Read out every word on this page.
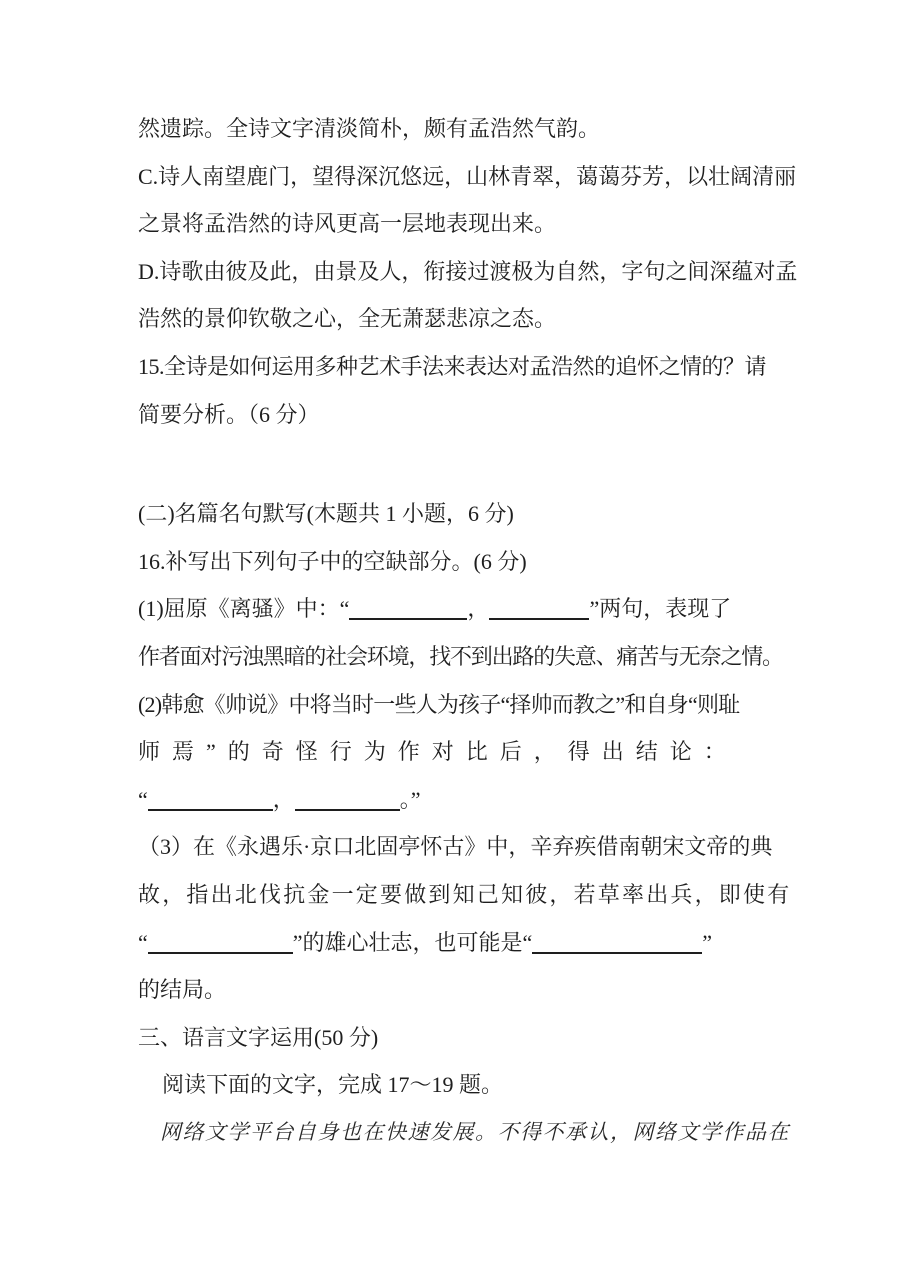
然遗踪。全诗文字清淡简朴，颇有孟浩然气韵。
C.诗人南望鹿门，望得深沉悠远，山林青翠，蔼蔼芬芳，以壮阔清丽
之景将孟浩然的诗风更高一层地表现出来。
D.诗歌由彼及此，由景及人，衔接过渡极为自然，字句之间深蕴对孟
浩然的景仰钦敬之心，全无萧瑟悲凉之态。
15.全诗是如何运用多种艺术手法来表达对孟浩然的追怀之情的？请
简要分析。（6 分）
(二)名篇名句默写(木题共 1 小题，6 分)
16.补写出下列句子中的空缺部分。(6 分)
(1)屈原《离骚》中：“	，	”两句，表现了
作者面对污浊黑暗的社会环境，找不到出路的失意、痛苦与无奈之情。
(2)韩愈《帅说》中将当时一些人为孩子“择帅而教之”和自身“则耻
师焉”的奇怪行为作对比后，得出结论：
“	，	。”
（3）在《永遇乐·京口北固亭怀古》中，辛弃疾借南朝宋文帝的典
故，指出北伐抗金一定要做到知己知彼，若草率出兵，即使有
“	”的雄心壮志，也可能是“	”
的结局。
三、语言文字运用(50 分)
阅读下面的文字，完成 17～19 题。
网络文学平台自身也在快速发展。不得不承认，网络文学作品在
